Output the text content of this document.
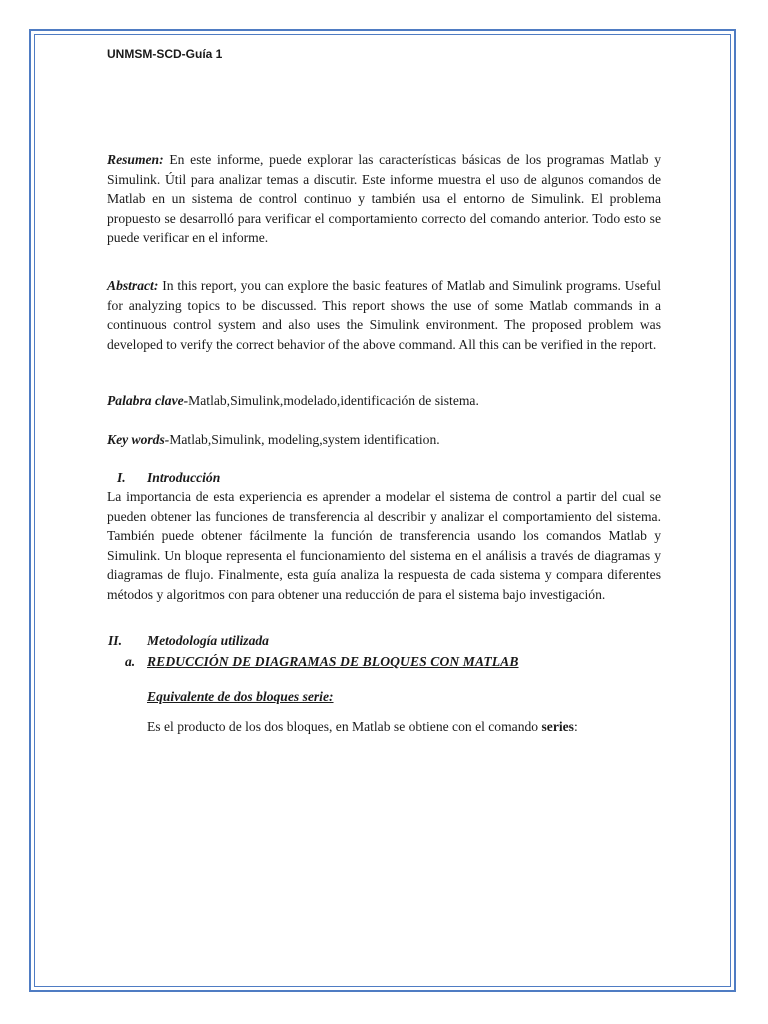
UNMSM-SCD-Guía 1

Resumen: En este informe, puede explorar las características básicas de los programas Matlab y Simulink. Útil para analizar temas a discutir. Este informe muestra el uso de algunos comandos de Matlab en un sistema de control continuo y también usa el entorno de Simulink. El problema propuesto se desarrolló para verificar el comportamiento correcto del comando anterior. Todo esto se puede verificar en el informe.

Abstract: In this report, you can explore the basic features of Matlab and Simulink programs. Useful for analyzing topics to be discussed. This report shows the use of some Matlab commands in a continuous control system and also uses the Simulink environment. The proposed problem was developed to verify the correct behavior of the above command. All this can be verified in the report.

Palabra clave-Matlab,Simulink,modelado,identificación de sistema.

Key words-Matlab,Simulink, modeling,system identification.

I. Introducción

La importancia de esta experiencia es aprender a modelar el sistema de control a partir del cual se pueden obtener las funciones de transferencia al describir y analizar el comportamiento del sistema. También puede obtener fácilmente la función de transferencia usando los comandos Matlab y Simulink. Un bloque representa el funcionamiento del sistema en el análisis a través de diagramas y diagramas de flujo. Finalmente, esta guía analiza la respuesta de cada sistema y compara diferentes métodos y algoritmos con para obtener una reducción de para el sistema bajo investigación.

II. Metodología utilizada
a. REDUCCIÓN DE DIAGRAMAS DE BLOQUES CON MATLAB
Equivalente de dos bloques serie:
Es el producto de los dos bloques, en Matlab se obtiene con el comando series:
